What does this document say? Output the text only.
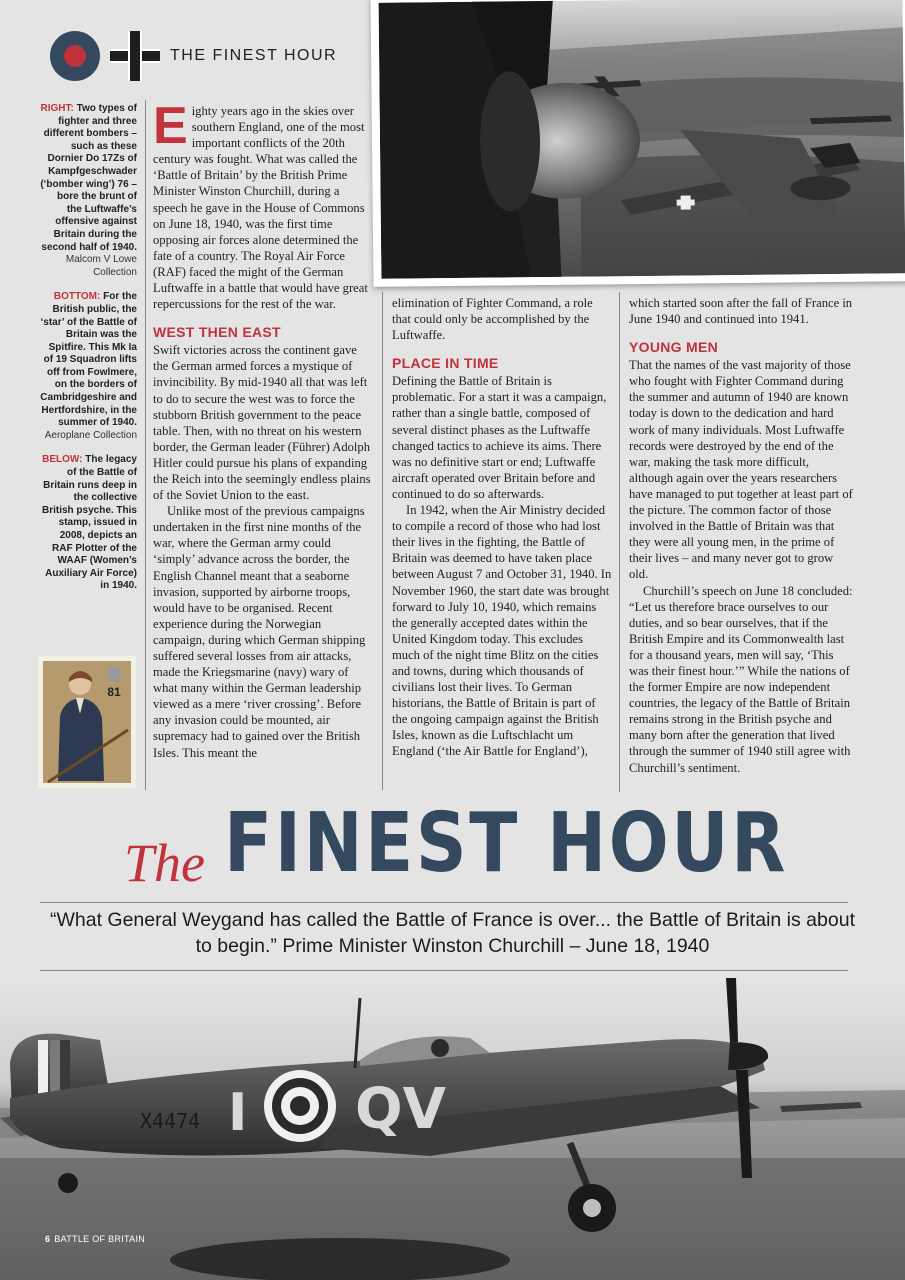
THE FINEST HOUR
RIGHT: Two types of fighter and three different bombers – such as these Dornier Do 17Zs of Kampfgeschwader (‘bomber wing’) 76 – bore the brunt of the Luftwaffe’s offensive against Britain during the second half of 1940.
Malcom V Lowe Collection
BOTTOM: For the British public, the ‘star’ of the Battle of Britain was the Spitfire. This Mk Ia of 19 Squadron lifts off from Fowlmere, on the borders of Cambridgeshire and Hertfordshire, in the summer of 1940.
Aeroplane Collection
BELOW: The legacy of the Battle of Britain runs deep in the collective British psyche. This stamp, issued in 2008, depicts an RAF Plotter of the WAAF (Women’s Auxiliary Air Force) in 1940.
81

Eighty years ago in the skies over southern England, one of the most important conflicts of the 20th century was fought. What was called the ‘Battle of Britain’ by the British Prime Minister Winston Churchill, during a speech he gave in the House of Commons on June 18, 1940, was the first time opposing air forces alone determined the fate of a country. The Royal Air Force (RAF) faced the might of the German Luftwaffe in a battle that would have great repercussions for the rest of the war.

WEST THEN EAST

Swift victories across the continent gave the German armed forces a mystique of invincibility. By mid-1940 all that was left to do to secure the west was to force the stubborn British government to the peace table. Then, with no threat on his western border, the German leader (Führer) Adolph Hitler could pursue his plans of expanding the Reich into the seemingly endless plains of the Soviet Union to the east.

Unlike most of the previous campaigns undertaken in the first nine months of the war, where the German army could ‘simply’ advance across the border, the English Channel meant that a seaborne invasion, supported by airborne troops, would have to be organised. Recent experience during the Norwegian campaign, during which German shipping suffered several losses from air attacks, made the Kriegsmarine (navy) wary of what many within the German leadership viewed as a mere ‘river crossing’. Before any invasion could be mounted, air supremacy had to gained over the British Isles. This meant the

elimination of Fighter Command, a role that could only be accomplished by the Luftwaffe.

PLACE IN TIME

Defining the Battle of Britain is problematic. For a start it was a campaign, rather than a single battle, composed of several distinct phases as the Luftwaffe changed tactics to achieve its aims. There was no definitive start or end; Luftwaffe aircraft operated over Britain before and continued to do so afterwards.

In 1942, when the Air Ministry decided to compile a record of those who had lost their lives in the fighting, the Battle of Britain was deemed to have taken place between August 7 and October 31, 1940. In November 1960, the start date was brought forward to July 10, 1940, which remains the generally accepted dates within the United Kingdom today. This excludes much of the night time Blitz on the cities and towns, during which thousands of civilians lost their lives. To German historians, the Battle of Britain is part of the ongoing campaign against the British Isles, known as die Luftschlacht um England (‘the Air Battle for England’),

which started soon after the fall of France in June 1940 and continued into 1941.

YOUNG MEN

That the names of the vast majority of those who fought with Fighter Command during the summer and autumn of 1940 are known today is down to the dedication and hard work of many individuals. Most Luftwaffe records were destroyed by the end of the war, making the task more difficult, although again over the years researchers have managed to put together at least part of the picture. The common factor of those involved in the Battle of Britain was that they were all young men, in the prime of their lives – and many never got to grow old.

Churchill’s speech on June 18 concluded: “Let us therefore brace ourselves to our duties, and so bear ourselves, that if the British Empire and its Commonwealth last for a thousand years, men will say, ‘This was their finest hour.’” While the nations of the former Empire are now independent countries, the legacy of the Battle of Britain remains strong in the British psyche and many born after the generation that lived through the summer of 1940 still agree with Churchill’s sentiment.

The FINEST HOUR
“What General Weygand has called the Battle of France is over... the Battle of Britain is about to begin.” Prime Minister Winston Churchill – June 18, 1940
I QV
X4474
6 BATTLE OF BRITAIN
